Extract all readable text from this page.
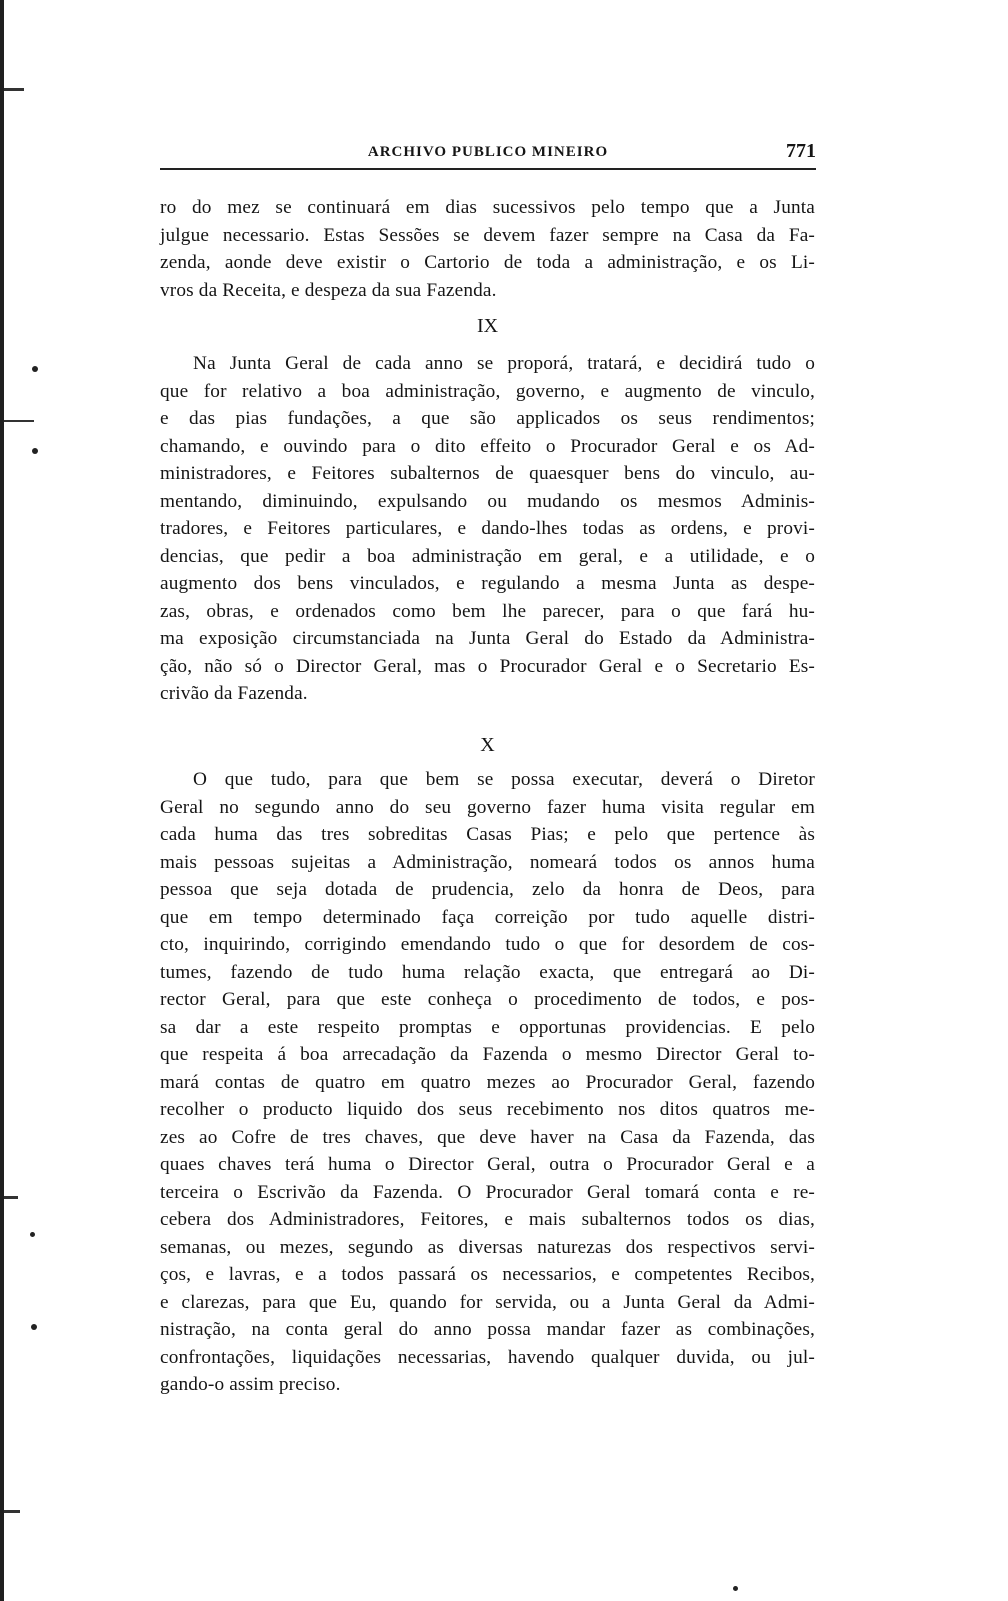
ARCHIVO PUBLICO MINEIRO	771
ro do mez se continuará em dias sucessivos pelo tempo que a Junta
julgue necessario. Estas Sessões se devem fazer sempre na Casa da Fa-
zenda, aonde deve existir o Cartorio de toda a administração, e os Li-
vros da Receita, e despeza da sua Fazenda.
IX
Na Junta Geral de cada anno se proporá, tratará, e decidirá tudo o
que for relativo a boa administração, governo, e augmento de vinculo,
e das pias fundações, a que são applicados os seus rendimentos;
chamando, e ouvindo para o dito effeito o Procurador Geral e os Ad-
ministradores, e Feitores subalternos de quaesquer bens do vinculo, au-
mentando, diminuindo, expulsando ou mudando os mesmos Adminis-
tradores, e Feitores particulares, e dando-lhes todas as ordens, e provi-
dencias, que pedir a boa administração em geral, e a utilidade, e o
augmento dos bens vinculados, e regulando a mesma Junta as despe-
zas, obras, e ordenados como bem lhe parecer, para o que fará hu-
ma exposição circumstanciada na Junta Geral do Estado da Administra-
ção, não só o Director Geral, mas o Procurador Geral e o Secretario Es-
crivão da Fazenda.
X
O que tudo, para que bem se possa executar, deverá o Diretor
Geral no segundo anno do seu governo fazer huma visita regular em
cada huma das tres sobreditas Casas Pias; e pelo que pertence às
mais pessoas sujeitas a Administração, nomeará todos os annos huma
pessoa que seja dotada de prudencia, zelo da honra de Deos, para
que em tempo determinado faça correição por tudo aquelle distri-
cto, inquirindo, corrigindo emendando tudo o que for desordem de cos-
tumes, fazendo de tudo huma relação exacta, que entregará ao Di-
rector Geral, para que este conheça o procedimento de todos, e pos-
sa dar a este respeito promptas e opportunas providencias. E pelo
que respeita á boa arrecadação da Fazenda o mesmo Director Geral to-
mará contas de quatro em quatro mezes ao Procurador Geral, fazendo
recolher o producto liquido dos seus recebimento nos ditos quatros me-
zes ao Cofre de tres chaves, que deve haver na Casa da Fazenda, das
quaes chaves terá huma o Director Geral, outra o Procurador Geral e a
terceira o Escrivão da Fazenda. O Procurador Geral tomará conta e re-
cebera dos Administradores, Feitores, e mais subalternos todos os dias,
semanas, ou mezes, segundo as diversas naturezas dos respectivos servi-
ços, e lavras, e a todos passará os necessarios, e competentes Recibos,
e clarezas, para que Eu, quando for servida, ou a Junta Geral da Admi-
nistração, na conta geral do anno possa mandar fazer as combinações,
confrontações, liquidações necessarias, havendo qualquer duvida, ou jul-
gando-o assim preciso.
